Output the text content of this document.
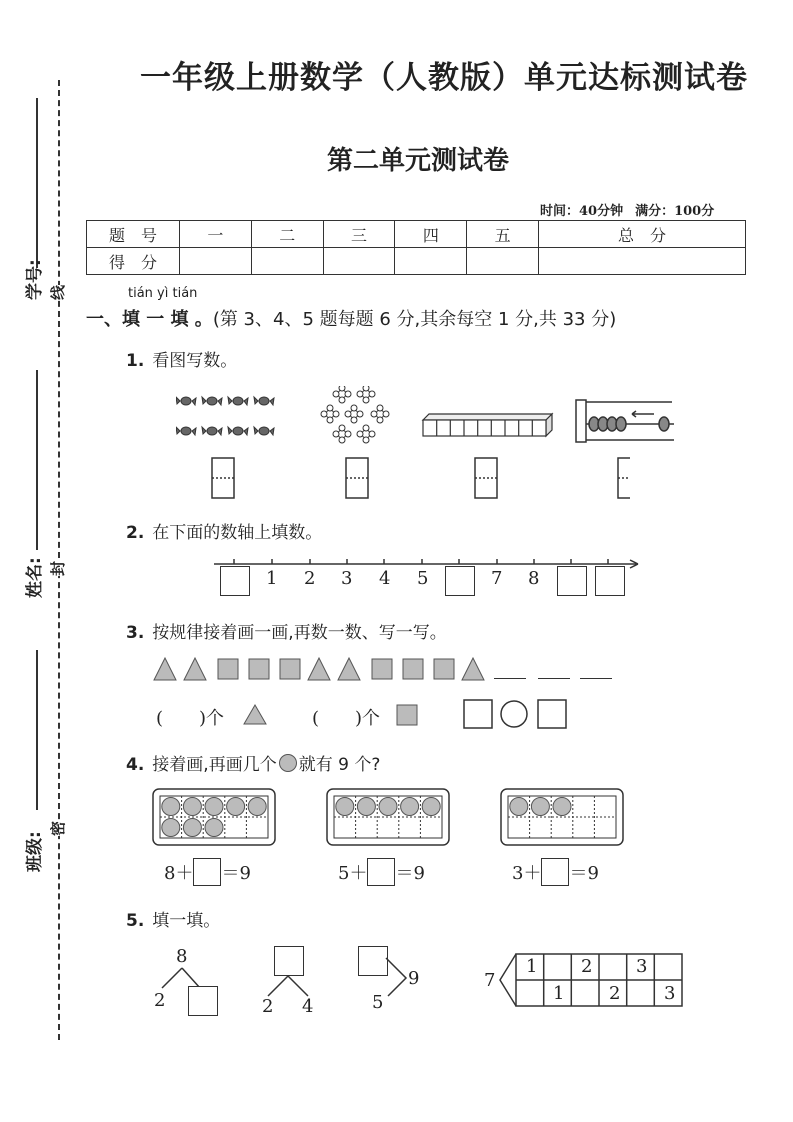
一年级上册数学（人教版）单元达标测试卷
第二单元测试卷
时间：40分钟 满分：100分
题　号	一	二	三	四	五	总　分
得　分						
学号:
姓名:
班级:
线
封
密
tián yì tián
一、填 一 填 。(第 3、4、5 题每题 6 分,其余每空 1 分,共 33 分)
1. 看图写数。
2. 在下面的数轴上填数。
1 2 3 4 5	7 8
3. 按规律接着画一画,再数一数、写一写。
( )个	( )个
4. 接着画,再画几个 就有 9 个?
8＋ ＝9	5＋ ＝9	3＋ ＝9
5. 填一填。
8
2	2 4
9
5
7
1 2 3
1 2 3
